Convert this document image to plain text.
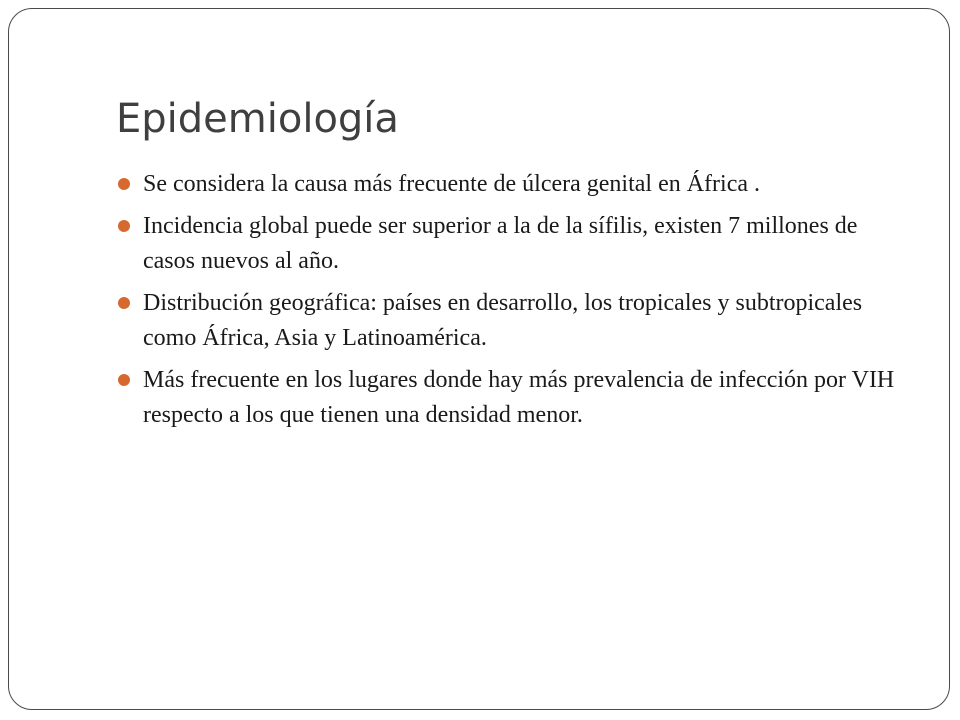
Epidemiología
Se considera la causa más frecuente de úlcera genital en África .
Incidencia global puede ser superior a la de la sífilis, existen 7 millones de casos nuevos al año.
Distribución geográfica: países en desarrollo, los tropicales y subtropicales como África, Asia y Latinoamérica.
Más frecuente en los lugares donde hay más prevalencia de infección por VIH respecto a los que tienen una densidad menor.
